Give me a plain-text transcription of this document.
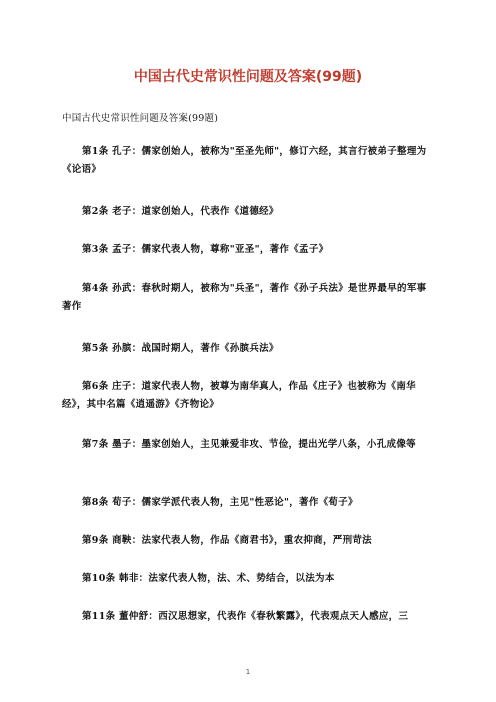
中国古代史常识性问题及答案(99题)
中国古代史常识性问题及答案(99题)
第1条 孔子：儒家创始人，被称为"至圣先师"，修订六经，其言行被弟子整理为《论语》
第2条 老子：道家创始人，代表作《道德经》
第3条 孟子：儒家代表人物，尊称"亚圣"，著作《孟子》
第4条 孙武：春秋时期人，被称为"兵圣"，著作《孙子兵法》是世界最早的军事著作
第5条 孙膑：战国时期人，著作《孙膑兵法》
第6条 庄子：道家代表人物，被尊为南华真人，作品《庄子》也被称为《南华经》，其中名篇《逍遥游》《齐物论》
第7条 墨子：墨家创始人，主见兼爱非攻、节俭，提出光学八条，小孔成像等
第8条 荀子：儒家学派代表人物，主见"性恶论"，著作《荀子》
第9条 商鞅：法家代表人物，作品《商君书》，重农抑商，严刑苛法
第10条 韩非：法家代表人物，法、术、势结合，以法为本
第11条 董仲舒：西汉思想家，代表作《春秋繁露》，代表观点天人感应，三
1
